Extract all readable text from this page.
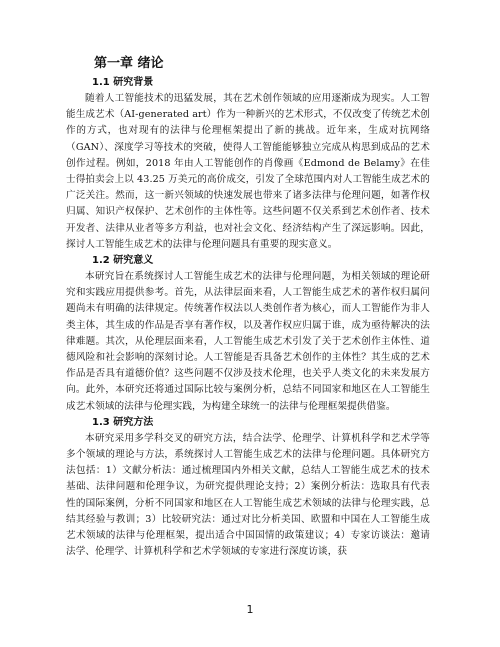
第一章 绪论
1.1 研究背景

随着人工智能技术的迅猛发展，其在艺术创作领域的应用逐渐成为现实。人工智能生成艺术（AI-generated art）作为一种新兴的艺术形式，不仅改变了传统艺术创作的方式，也对现有的法律与伦理框架提出了新的挑战。近年来，生成对抗网络（GAN）、深度学习等技术的突破，使得人工智能能够独立完成从构思到成品的艺术创作过程。例如，2018 年由人工智能创作的肖像画《Edmond de Belamy》在佳士得拍卖会上以 43.25 万美元的高价成交，引发了全球范围内对人工智能生成艺术的广泛关注。然而，这一新兴领域的快速发展也带来了诸多法律与伦理问题，如著作权归属、知识产权保护、艺术创作的主体性等。这些问题不仅关系到艺术创作者、技术开发者、法律从业者等多方利益，也对社会文化、经济结构产生了深远影响。因此，探讨人工智能生成艺术的法律与伦理问题具有重要的现实意义。

1.2 研究意义

本研究旨在系统探讨人工智能生成艺术的法律与伦理问题，为相关领域的理论研究和实践应用提供参考。首先，从法律层面来看，人工智能生成艺术的著作权归属问题尚未有明确的法律规定。传统著作权法以人类创作者为核心，而人工智能作为非人类主体，其生成的作品是否享有著作权，以及著作权应归属于谁，成为亟待解决的法律难题。其次，从伦理层面来看，人工智能生成艺术引发了关于艺术创作主体性、道德风险和社会影响的深刻讨论。人工智能是否具备艺术创作的主体性？其生成的艺术作品是否具有道德价值？这些问题不仅涉及技术伦理，也关乎人类文化的未来发展方向。此外，本研究还将通过国际比较与案例分析，总结不同国家和地区在人工智能生成艺术领域的法律与伦理实践，为构建全球统一的法律与伦理框架提供借鉴。

1.3 研究方法

本研究采用多学科交叉的研究方法，结合法学、伦理学、计算机科学和艺术学等多个领域的理论与方法，系统探讨人工智能生成艺术的法律与伦理问题。具体研究方法包括：1）文献分析法：通过梳理国内外相关文献，总结人工智能生成艺术的技术基础、法律问题和伦理争议，为研究提供理论支持；2）案例分析法：选取具有代表性的国际案例，分析不同国家和地区在人工智能生成艺术领域的法律与伦理实践，总结其经验与教训；3）比较研究法：通过对比分析美国、欧盟和中国在人工智能生成艺术领域的法律与伦理框架，提出适合中国国情的政策建议；4）专家访谈法：邀请法学、伦理学、计算机科学和艺术学领域的专家进行深度访谈，获

1
